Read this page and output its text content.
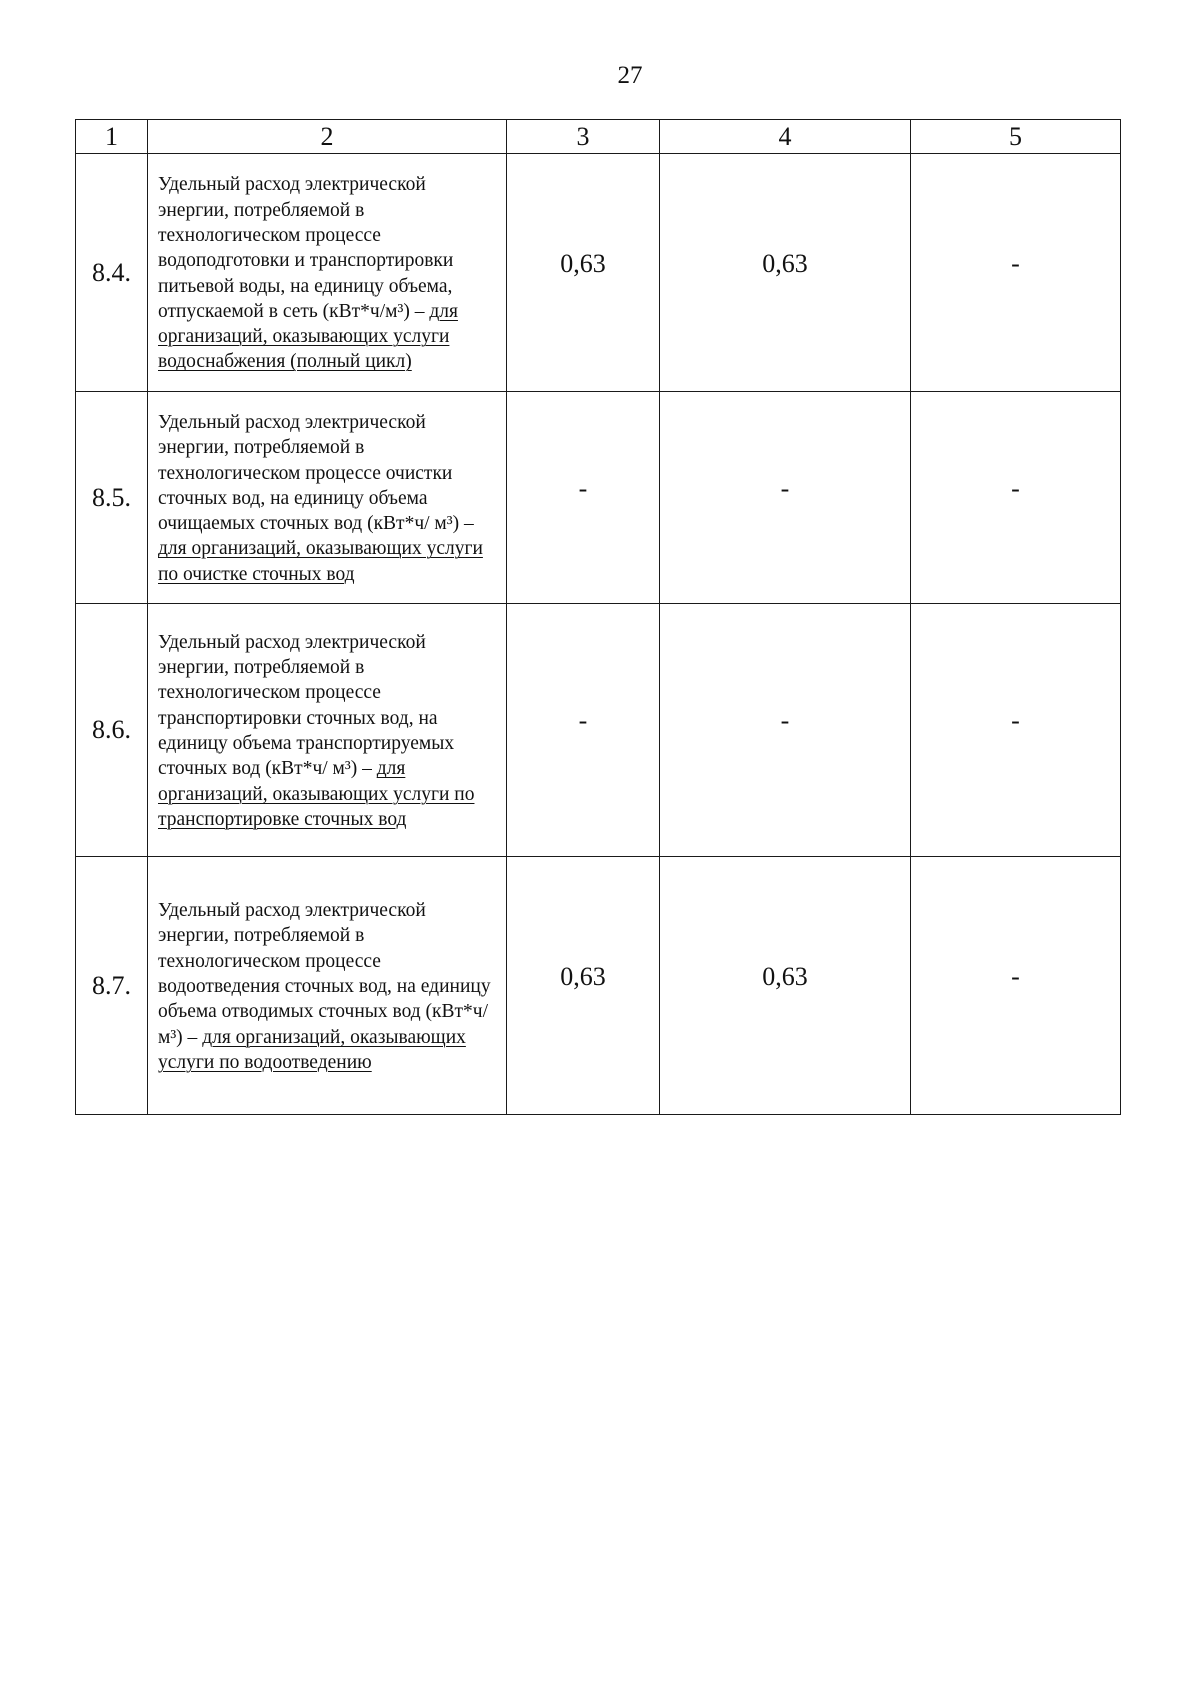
27
1	2	3	4	5
8.4.	Удельный расход электрической энергии, потребляемой в технологическом процессе водоподготовки и транспортировки питьевой воды, на единицу объема, отпускаемой в сеть (кВт*ч/м³) – для организаций, оказывающих услуги водоснабжения (полный цикл)	0,63	0,63	-
8.5.	Удельный расход электрической энергии, потребляемой в технологическом процессе очистки сточных вод, на единицу объема очищаемых сточных вод (кВт*ч/ м³) – для организаций, оказывающих услуги по очистке сточных вод	-	-	-
8.6.	Удельный расход электрической энергии, потребляемой в технологическом процессе транспортировки сточных вод, на единицу объема транспортируемых сточных вод (кВт*ч/ м³) – для организаций, оказывающих услуги по транспортировке сточных вод	-	-	-
8.7.	Удельный расход электрической энергии, потребляемой в технологическом процессе водоотведения сточных вод, на единицу объема отводимых сточных вод (кВт*ч/ м³) – для организаций, оказывающих услуги по водоотведению	0,63	0,63	-
